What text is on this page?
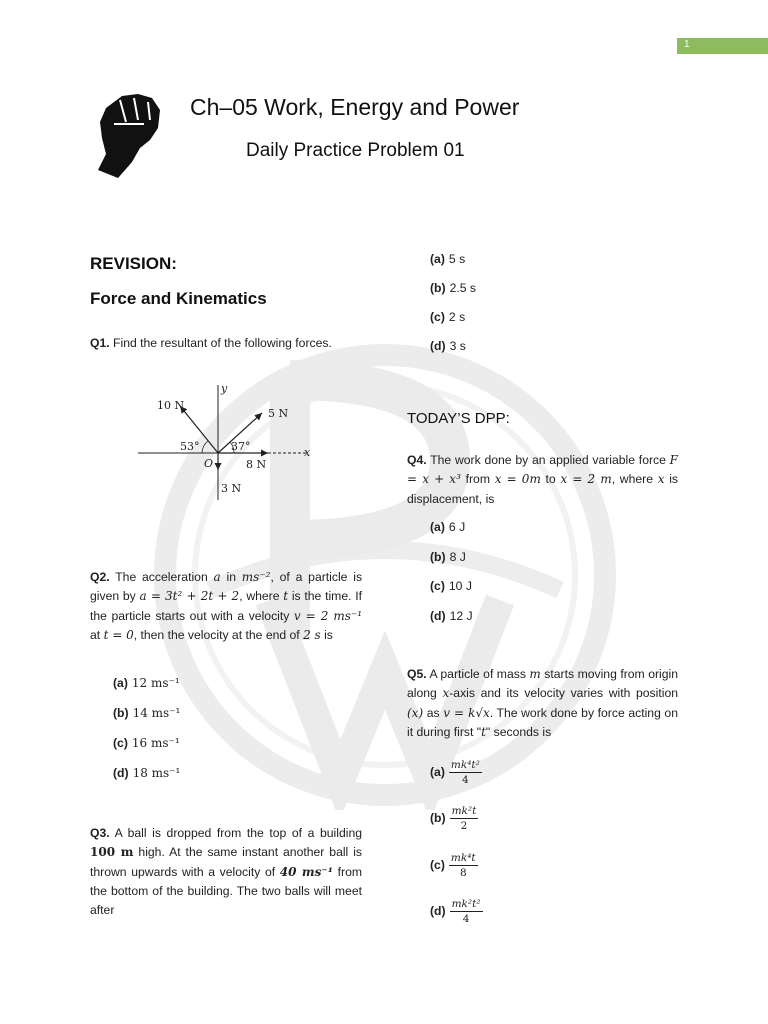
1
Ch–05 Work, Energy and Power
Daily Practice Problem 01
REVISION:
Force and Kinematics
Q1. Find the resultant of the following forces.
10 N
5 N
8 N
3 N
53°	37°	x
y
O
Q2. The acceleration a in ms⁻², of a particle is given by a = 3t² + 2t + 2, where t is the time. If the particle starts out with a velocity v = 2 ms⁻¹ at t = 0, then the velocity at the end of 2 s is
(a) 12 ms⁻¹
(b) 14 ms⁻¹
(c) 16 ms⁻¹
(d) 18 ms⁻¹
Q3. A ball is dropped from the top of a building 100 m high. At the same instant another ball is thrown upwards with a velocity of 40 ms⁻¹ from the bottom of the building. The two balls will meet after
(a) 5 s
(b) 2.5 s
(c) 2 s
(d) 3 s
TODAY’S DPP:
Q4. The work done by an applied variable force F = x + x³ from x = 0m to x = 2 m, where x is displacement, is
(a) 6 J
(b) 8 J
(c) 10 J
(d) 12 J
Q5. A particle of mass m starts moving from origin along x-axis and its velocity varies with position (x) as v = k√x. The work done by force acting on it during first "t" seconds is
$(a) \frac{\text{mk⁴t²}}{4}$
$(b) \frac{\text{mk²t}}{2}$
$(c) \frac{\text{mk⁴t}}{8}$
$(d) \frac{\text{mk²t²}}{4}$
